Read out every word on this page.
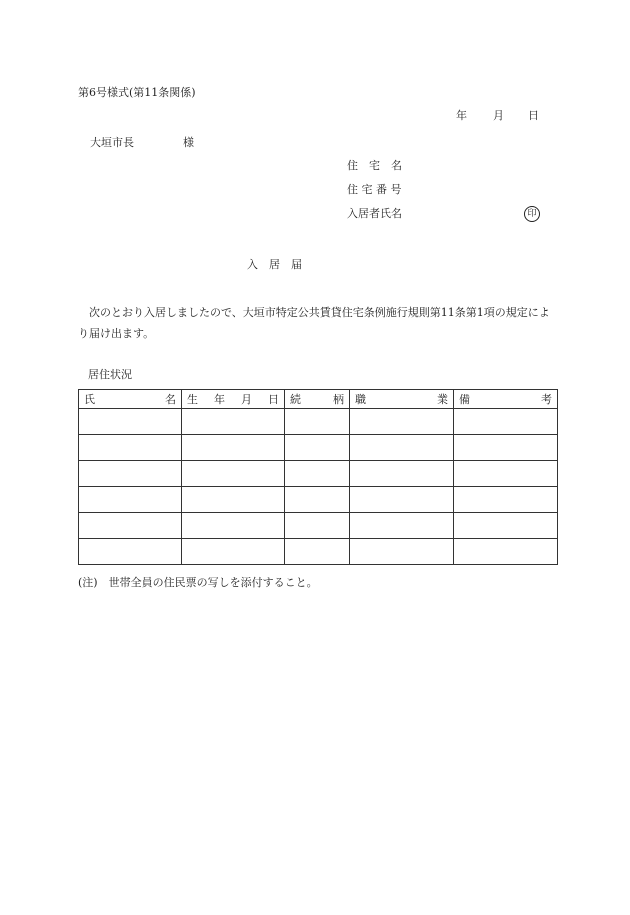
第6号様式(第11条関係)
年 月 日
大垣市長	様
住　宅　名
住 宅 番 号
入居者氏名	印
入　居　届
次のとおり入居しましたので、大垣市特定公共賃貸住宅条例施行規則第11条第1項の規定により届け出ます。
居住状況
氏 名	生 年 月 日	続 柄	職 業	備 考

(注)　世帯全員の住民票の写しを添付すること。
